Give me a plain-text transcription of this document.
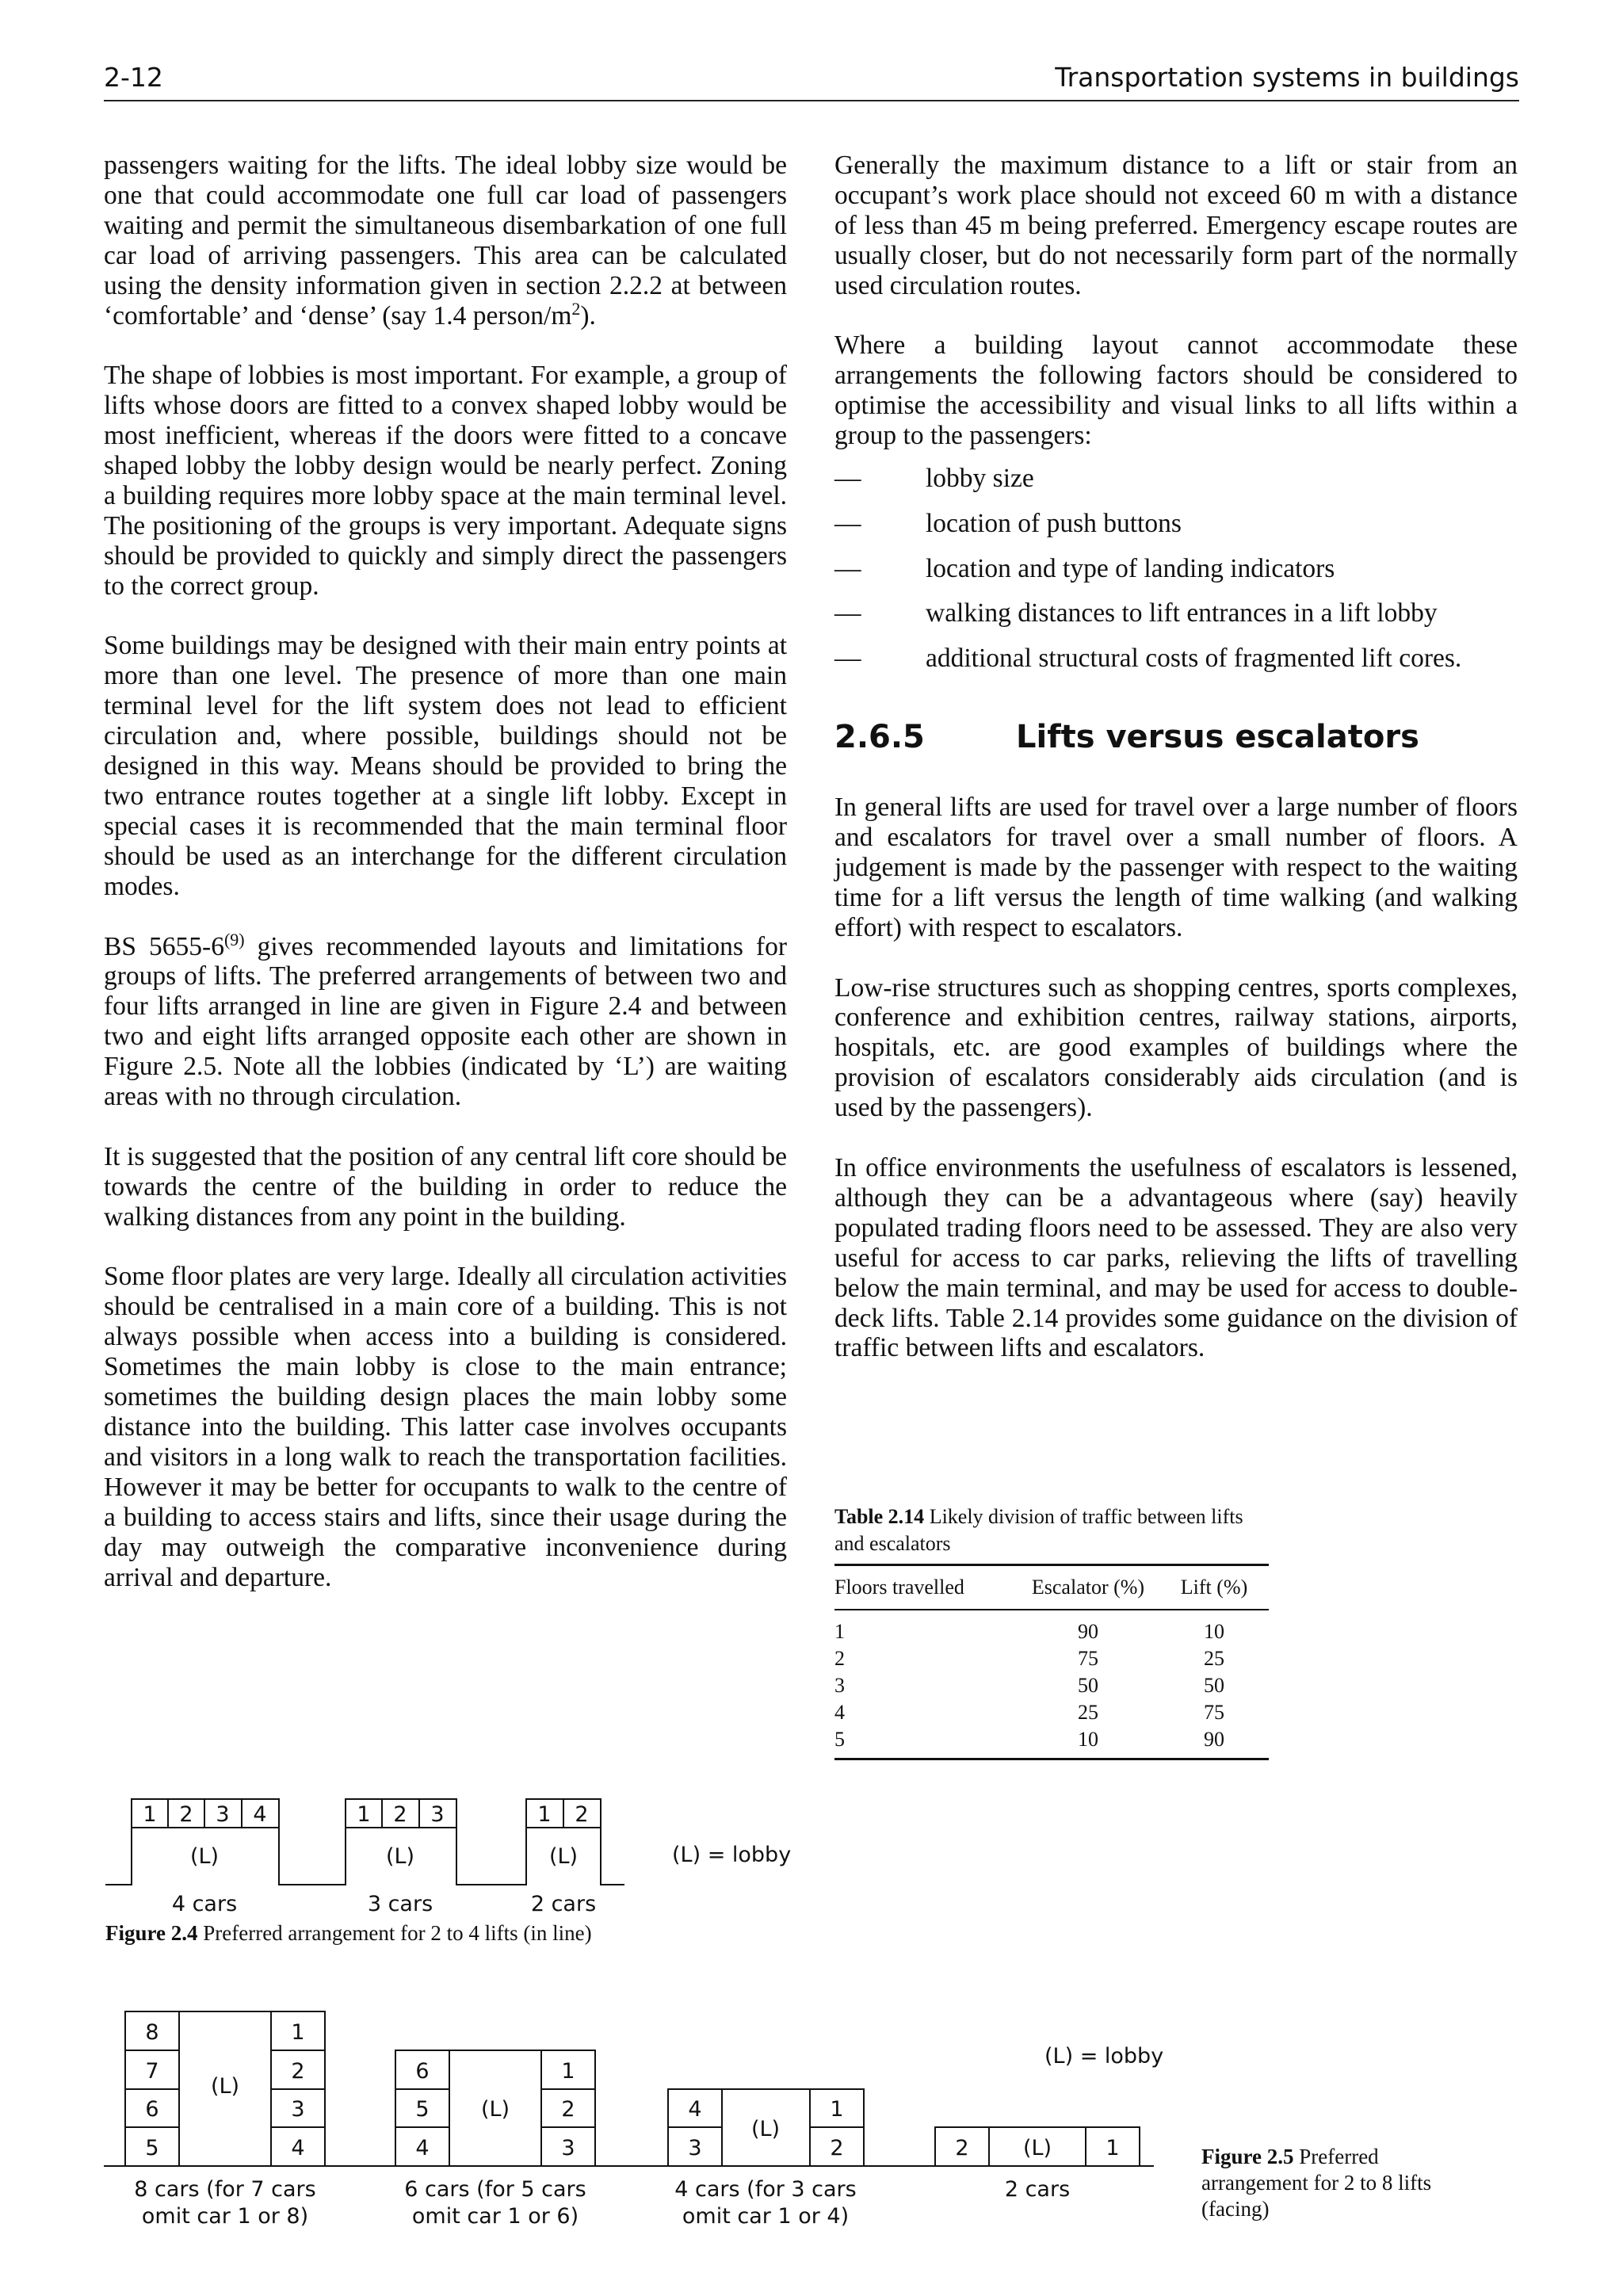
2-12	Transportation systems in buildings

passengers waiting for the lifts. The ideal lobby size would be one that could accommodate one full car load of passengers waiting and permit the simultaneous disembarkation of one full car load of arriving passengers. This area can be calculated using the density information given in section 2.2.2 at between ‘comfortable’ and ‘dense’ (say 1.4 person/$m^2$).

The shape of lobbies is most important. For example, a group of lifts whose doors are fitted to a convex shaped lobby would be most inefficient, whereas if the doors were fitted to a concave shaped lobby the lobby design would be nearly perfect. Zoning a building requires more lobby space at the main terminal level. The positioning of the groups is very important. Adequate signs should be provided to quickly and simply direct the passengers to the correct group.

Some buildings may be designed with their main entry points at more than one level. The presence of more than one main terminal level for the lift system does not lead to efficient circulation and, where possible, buildings should not be designed in this way. Means should be provided to bring the two entrance routes together at a single lift lobby. Except in special cases it is recommended that the main terminal floor should be used as an interchange for the different circulation modes.

BS 5655-6$^{(9)}$ gives recommended layouts and limitations for groups of lifts. The preferred arrangements of between two and four lifts arranged in line are given in Figure 2.4 and between two and eight lifts arranged opposite each other are shown in Figure 2.5. Note all the lobbies (indicated by ‘L’) are waiting areas with no through circulation.

It is suggested that the position of any central lift core should be towards the centre of the building in order to reduce the walking distances from any point in the building.

Some floor plates are very large. Ideally all circulation activities should be centralised in a main core of a building. This is not always possible when access into a building is considered. Sometimes the main lobby is close to the main entrance; sometimes the building design places the main lobby some distance into the building. This latter case involves occupants and visitors in a long walk to reach the transportation facilities. However it may be better for occupants to walk to the centre of a building to access stairs and lifts, since their usage during the day may outweigh the comparative inconvenience during arrival and departure.

Generally the maximum distance to a lift or stair from an occupant’s work place should not exceed 60 m with a distance of less than 45 m being preferred. Emergency escape routes are usually closer, but do not necessarily form part of the normally used circulation routes.

Where a building layout cannot accommodate these arrangements the following factors should be considered to optimise the accessibility and visual links to all lifts within a group to the passengers:

— lobby size
— location of push buttons
— location and type of landing indicators
— walking distances to lift entrances in a lift lobby
— additional structural costs of fragmented lift cores.
2.6.5	Lifts versus escalators

In general lifts are used for travel over a large number of floors and escalators for travel over a small number of floors. A judgement is made by the passenger with respect to the waiting time for a lift versus the length of time walking (and walking effort) with respect to escalators.

Low-rise structures such as shopping centres, sports complexes, conference and exhibition centres, railway stations, airports, hospitals, etc. are good examples of buildings where the provision of escalators considerably aids circulation (and is used by the passengers).

In office environments the usefulness of escalators is lessened, although they can be a advantageous where (say) heavily populated trading floors need to be assessed. They are also very useful for access to car parks, relieving the lifts of travelling below the main terminal, and may be used for access to double-deck lifts. Table 2.14 provides some guidance on the division of traffic between lifts and escalators.

Table 2.14 Likely division of traffic between lifts and escalators
Floors travelled	Escalator (%)	Lift (%)
1	90	10
2	75	25
3	50	50
4	25	75
5	10	90
1 2 3 4
(L)
4 cars
1 2 3
(L)
3 cars
1 2
(L)
2 cars
(L) = lobby
Figure 2.4 Preferred arrangement for 2 to 4 lifts (in line)
8
7
6
5
1
2
3
4
(L)
8 cars (for 7 cars
omit car 1 or 8)
6
5
4
1
2
3
(L)
6 cars (for 5 cars
omit car 1 or 6)
4
3
1
2
(L)
4 cars (for 3 cars
omit car 1 or 4)
2	1
(L)
2 cars
(L) = lobby
Figure 2.5 Preferred
arrangement for 2 to 8 lifts
(facing)
